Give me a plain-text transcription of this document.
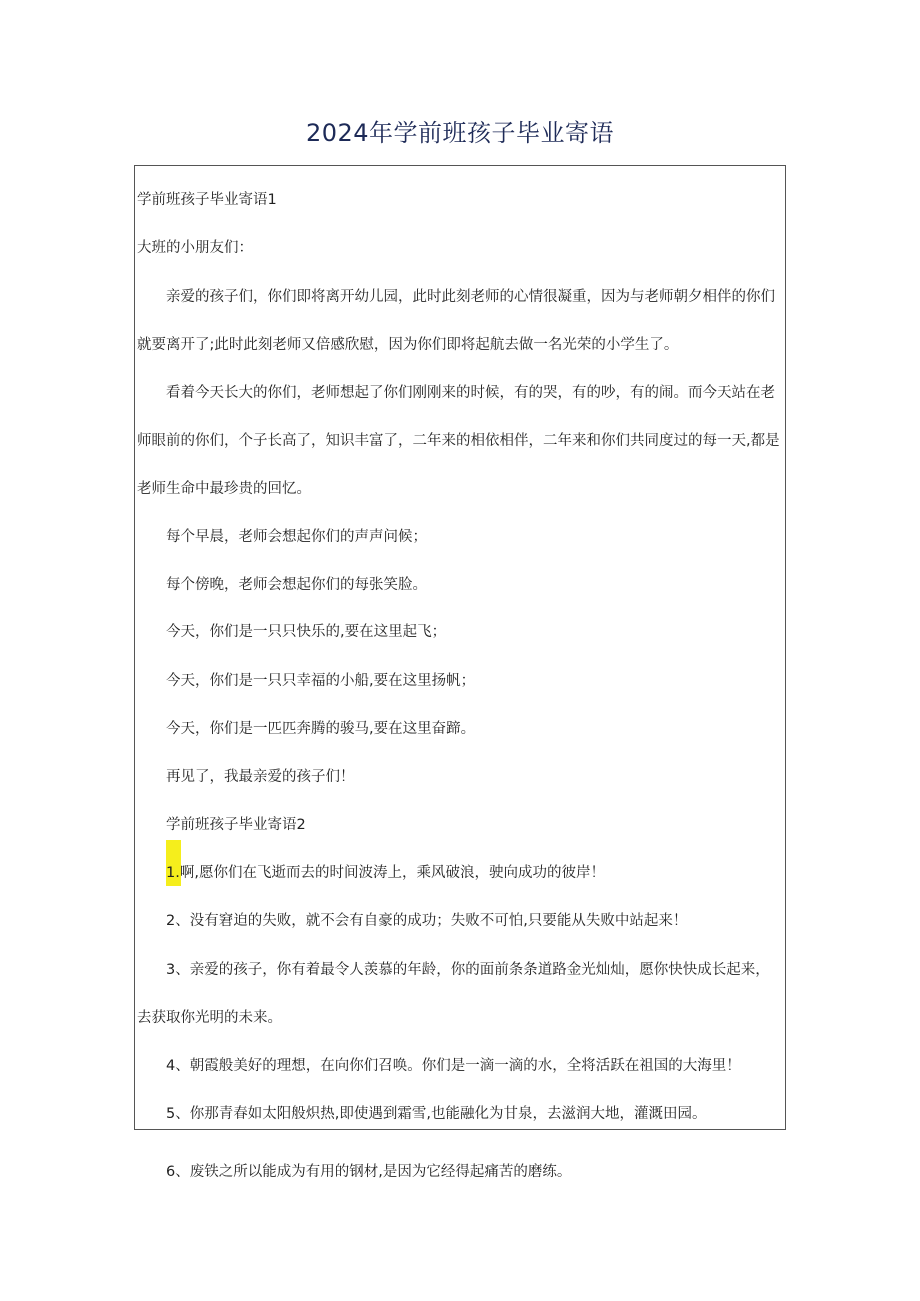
2024年学前班孩子毕业寄语

学前班孩子毕业寄语1

大班的小朋友们：

亲爱的孩子们，你们即将离开幼儿园，此时此刻老师的心情很凝重，因为与老师朝夕相伴的你们

就要离开了;此时此刻老师又倍感欣慰，因为你们即将起航去做一名光荣的小学生了。

看着今天长大的你们，老师想起了你们刚刚来的时候，有的哭，有的吵，有的闹。而今天站在老

师眼前的你们，个子长高了，知识丰富了，二年来的相依相伴，二年来和你们共同度过的每一天,都是

老师生命中最珍贵的回忆。

每个早晨，老师会想起你们的声声问候；

每个傍晚，老师会想起你们的每张笑脸。

今天，你们是一只只快乐的,要在这里起飞；

今天，你们是一只只幸福的小船,要在这里扬帆；

今天，你们是一匹匹奔腾的骏马,要在这里奋蹄。

再见了，我最亲爱的孩子们！

学前班孩子毕业寄语2

1.啊,愿你们在飞逝而去的时间波涛上，乘风破浪，驶向成功的彼岸！

2、没有窘迫的失败，就不会有自豪的成功；失败不可怕,只要能从失败中站起来！

3、亲爱的孩子，你有着最令人羡慕的年龄，你的面前条条道路金光灿灿，愿你快快成长起来，

去获取你光明的未来。

4、朝霞般美好的理想，在向你们召唤。你们是一滴一滴的水，全将活跃在祖国的大海里！

5、你那青春如太阳般炽热,即使遇到霜雪,也能融化为甘泉，去滋润大地，灌溉田园。

6、废铁之所以能成为有用的钢材,是因为它经得起痛苦的磨练。
